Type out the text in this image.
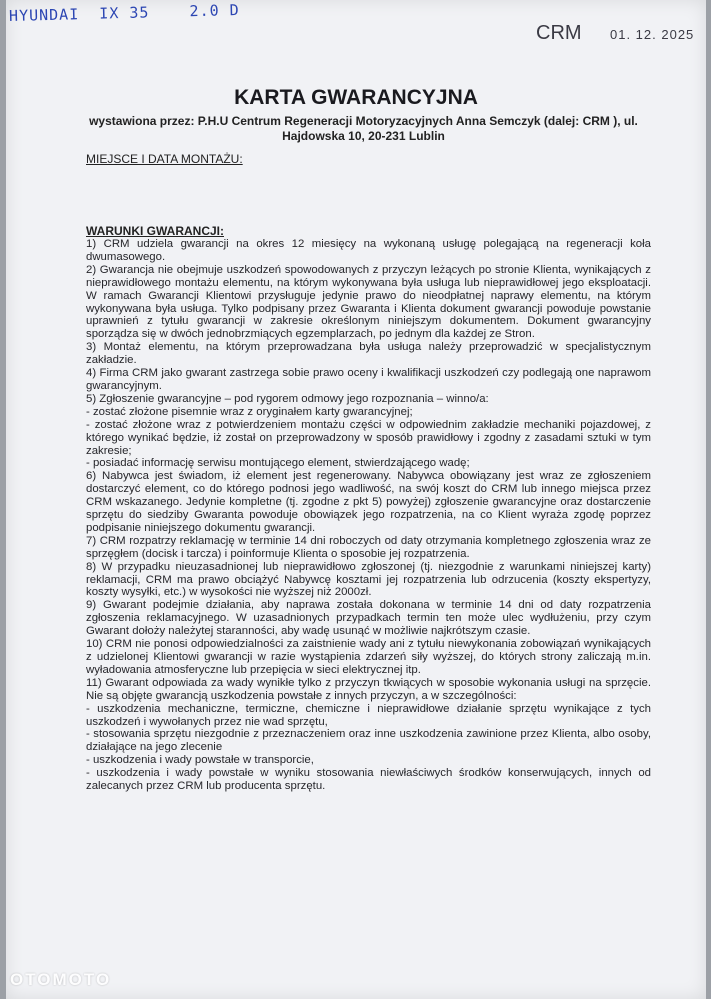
HYUNDAI  IX 35    2.0 D
CRM 01. 12. 2025
KARTA GWARANCYJNA
wystawiona przez: P.H.U Centrum Regeneracji Motoryzacyjnych Anna Semczyk (dalej: CRM ), ul. Hajdowska 10, 20-231 Lublin
MIEJSCE I DATA MONTAŻU:
WARUNKI GWARANCJI:

1) CRM udziela gwarancji na okres 12 miesięcy na wykonaną usługę polegającą na regeneracji koła dwumasowego.

2) Gwarancja nie obejmuje uszkodzeń spowodowanych z przyczyn leżących po stronie Klienta, wynikających z nieprawidłowego montażu elementu, na którym wykonywana była usługa lub nieprawidłowej jego eksploatacji. W ramach Gwarancji Klientowi przysługuje jedynie prawo do nieodpłatnej naprawy elementu, na którym wykonywana była usługa. Tylko podpisany przez Gwaranta i Klienta dokument gwarancji powoduje powstanie uprawnień z tytułu gwarancji w zakresie określonym niniejszym dokumentem. Dokument gwarancyjny sporządza się w dwóch jednobrzmiących egzemplarzach, po jednym dla każdej ze Stron.

3) Montaż elementu, na którym przeprowadzana była usługa należy przeprowadzić w specjalistycznym zakładzie.

4) Firma CRM jako gwarant zastrzega sobie prawo oceny i kwalifikacji uszkodzeń czy podlegają one naprawom gwarancyjnym.

5) Zgłoszenie gwarancyjne – pod rygorem odmowy jego rozpoznania – winno/a:

- zostać złożone pisemnie wraz z oryginałem karty gwarancyjnej;

- zostać złożone wraz z potwierdzeniem montażu części w odpowiednim zakładzie mechaniki pojazdowej, z którego wynikać będzie, iż został on przeprowadzony w sposób prawidłowy i zgodny z zasadami sztuki w tym zakresie;

- posiadać informację serwisu montującego element, stwierdzającego wadę;

6) Nabywca jest świadom, iż element jest regenerowany. Nabywca obowiązany jest wraz ze zgłoszeniem dostarczyć element, co do którego podnosi jego wadliwość, na swój koszt do CRM lub innego miejsca przez CRM wskazanego. Jedynie kompletne (tj. zgodne z pkt 5) powyżej) zgłoszenie gwarancyjne oraz dostarczenie sprzętu do siedziby Gwaranta powoduje obowiązek jego rozpatrzenia, na co Klient wyraża zgodę poprzez podpisanie niniejszego dokumentu gwarancji.

7) CRM rozpatrzy reklamację w terminie 14 dni roboczych od daty otrzymania kompletnego zgłoszenia wraz ze sprzęgłem (docisk i tarcza) i poinformuje Klienta o sposobie jej rozpatrzenia.

8) W przypadku nieuzasadnionej lub nieprawidłowo zgłoszonej (tj. niezgodnie z warunkami niniejszej karty) reklamacji, CRM ma prawo obciążyć Nabywcę kosztami jej rozpatrzenia lub odrzucenia (koszty ekspertyzy, koszty wysyłki, etc.) w wysokości nie wyższej niż 2000zł.

9) Gwarant podejmie działania, aby naprawa została dokonana w terminie 14 dni od daty rozpatrzenia zgłoszenia reklamacyjnego. W uzasadnionych przypadkach termin ten może ulec wydłużeniu, przy czym Gwarant dołoży należytej staranności, aby wadę usunąć w możliwie najkrótszym czasie.

10) CRM nie ponosi odpowiedzialności za zaistnienie wady ani z tytułu niewykonania zobowiązań wynikających z udzielonej Klientowi gwarancji w razie wystąpienia zdarzeń siły wyższej, do których strony zaliczają m.in. wyładowania atmosferyczne lub przepięcia w sieci elektrycznej itp.

11) Gwarant odpowiada za wady wynikłe tylko z przyczyn tkwiących w sposobie wykonania usługi na sprzęcie. Nie są objęte gwarancją uszkodzenia powstałe z innych przyczyn, a w szczególności:

- uszkodzenia mechaniczne, termiczne, chemiczne i nieprawidłowe działanie sprzętu wynikające z tych uszkodzeń i wywołanych przez nie wad sprzętu,

- stosowania sprzętu niezgodnie z przeznaczeniem oraz inne uszkodzenia zawinione przez Klienta, albo osoby, działające na jego zlecenie

- uszkodzenia i wady powstałe w transporcie,

- uszkodzenia i wady powstałe w wyniku stosowania niewłaściwych środków konserwujących, innych od zalecanych przez CRM lub producenta sprzętu.

OTOMOTO
